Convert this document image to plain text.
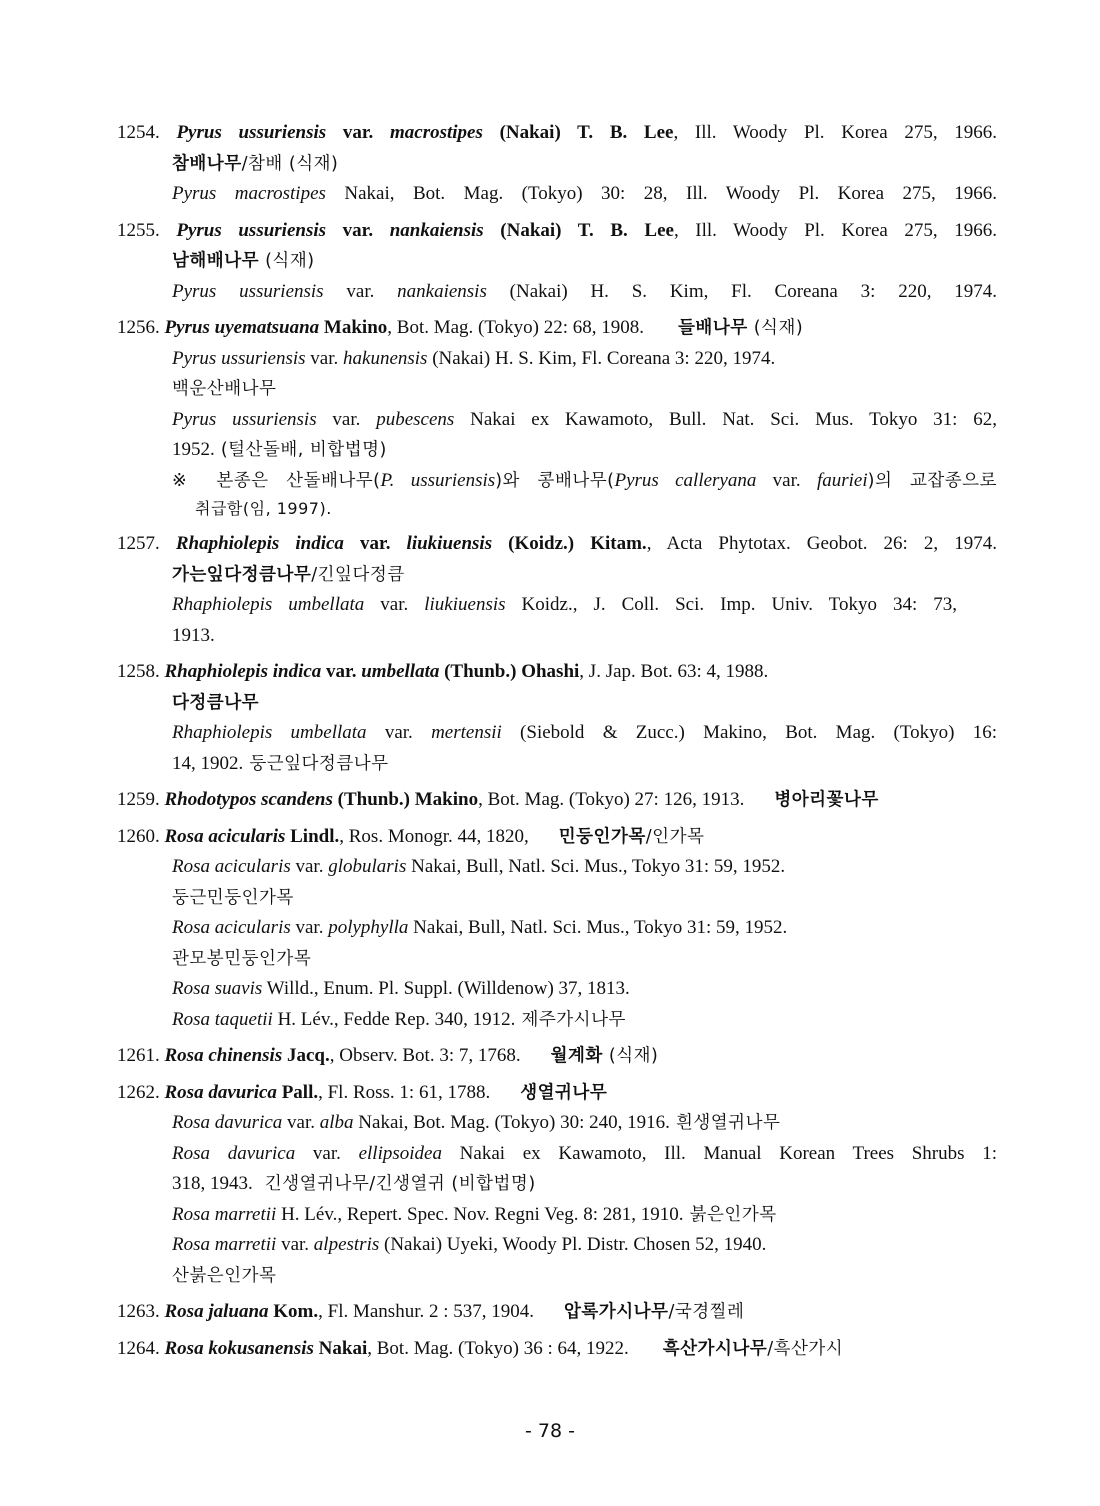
1254. Pyrus ussuriensis var. macrostipes (Nakai) T. B. Lee, Ill. Woody Pl. Korea 275, 1966.
참배나무/참배 (식재)
Pyrus macrostipes Nakai, Bot. Mag. (Tokyo) 30: 28, Ill. Woody Pl. Korea 275, 1966.
1255. Pyrus ussuriensis var. nankaiensis (Nakai) T. B. Lee, Ill. Woody Pl. Korea 275, 1966.
남해배나무 (식재)
Pyrus ussuriensis var. nankaiensis (Nakai) H. S. Kim, Fl. Coreana 3: 220, 1974.
1256. Pyrus uyematsuana Makino, Bot. Mag. (Tokyo) 22: 68, 1908. 들배나무 (식재)
Pyrus ussuriensis var. hakunensis (Nakai) H. S. Kim, Fl. Coreana 3: 220, 1974.
백운산배나무
Pyrus ussuriensis var. pubescens Nakai ex Kawamoto, Bull. Nat. Sci. Mus. Tokyo 31: 62,
1952. (털산돌배, 비합법명)
※ 본종은 산돌배나무(P. ussuriensis)와 콩배나무(Pyrus calleryana var. fauriei)의 교잡종으로
취급함(임, 1997).
1257. Rhaphiolepis indica var. liukiuensis (Koidz.) Kitam., Acta Phytotax. Geobot. 26: 2, 1974.
가는잎다정큼나무/긴잎다정큼
Rhaphiolepis umbellata var. liukiuensis Koidz., J. Coll. Sci. Imp. Univ. Tokyo 34: 73,
1913.
1258. Rhaphiolepis indica var. umbellata (Thunb.) Ohashi, J. Jap. Bot. 63: 4, 1988.
다정큼나무
Rhaphiolepis umbellata var. mertensii (Siebold & Zucc.) Makino, Bot. Mag. (Tokyo) 16:
14, 1902. 둥근잎다정큼나무
1259. Rhodotypos scandens (Thunb.) Makino, Bot. Mag. (Tokyo) 27: 126, 1913. 병아리꽃나무
1260. Rosa acicularis Lindl., Ros. Monogr. 44, 1820, 민둥인가목/인가목
Rosa acicularis var. globularis Nakai, Bull, Natl. Sci. Mus., Tokyo 31: 59, 1952.
둥근민둥인가목
Rosa acicularis var. polyphylla Nakai, Bull, Natl. Sci. Mus., Tokyo 31: 59, 1952.
관모봉민둥인가목
Rosa suavis Willd., Enum. Pl. Suppl. (Willdenow) 37, 1813.
Rosa taquetii H. Lév., Fedde Rep. 340, 1912. 제주가시나무
1261. Rosa chinensis Jacq., Observ. Bot. 3: 7, 1768. 월계화 (식재)
1262. Rosa davurica Pall., Fl. Ross. 1: 61, 1788. 생열귀나무
Rosa davurica var. alba Nakai, Bot. Mag. (Tokyo) 30: 240, 1916. 흰생열귀나무
Rosa davurica var. ellipsoidea Nakai ex Kawamoto, Ill. Manual Korean Trees Shrubs 1:
318, 1943.  긴생열귀나무/긴생열귀 (비합법명)
Rosa marretii H. Lév., Repert. Spec. Nov. Regni Veg. 8: 281, 1910. 붉은인가목
Rosa marretii var. alpestris (Nakai) Uyeki, Woody Pl. Distr. Chosen 52, 1940.
산붉은인가목
1263. Rosa jaluana Kom., Fl. Manshur. 2 : 537, 1904. 압록가시나무/국경찔레
1264. Rosa kokusanensis Nakai, Bot. Mag. (Tokyo) 36 : 64, 1922. 흑산가시나무/흑산가시
- 78 -
